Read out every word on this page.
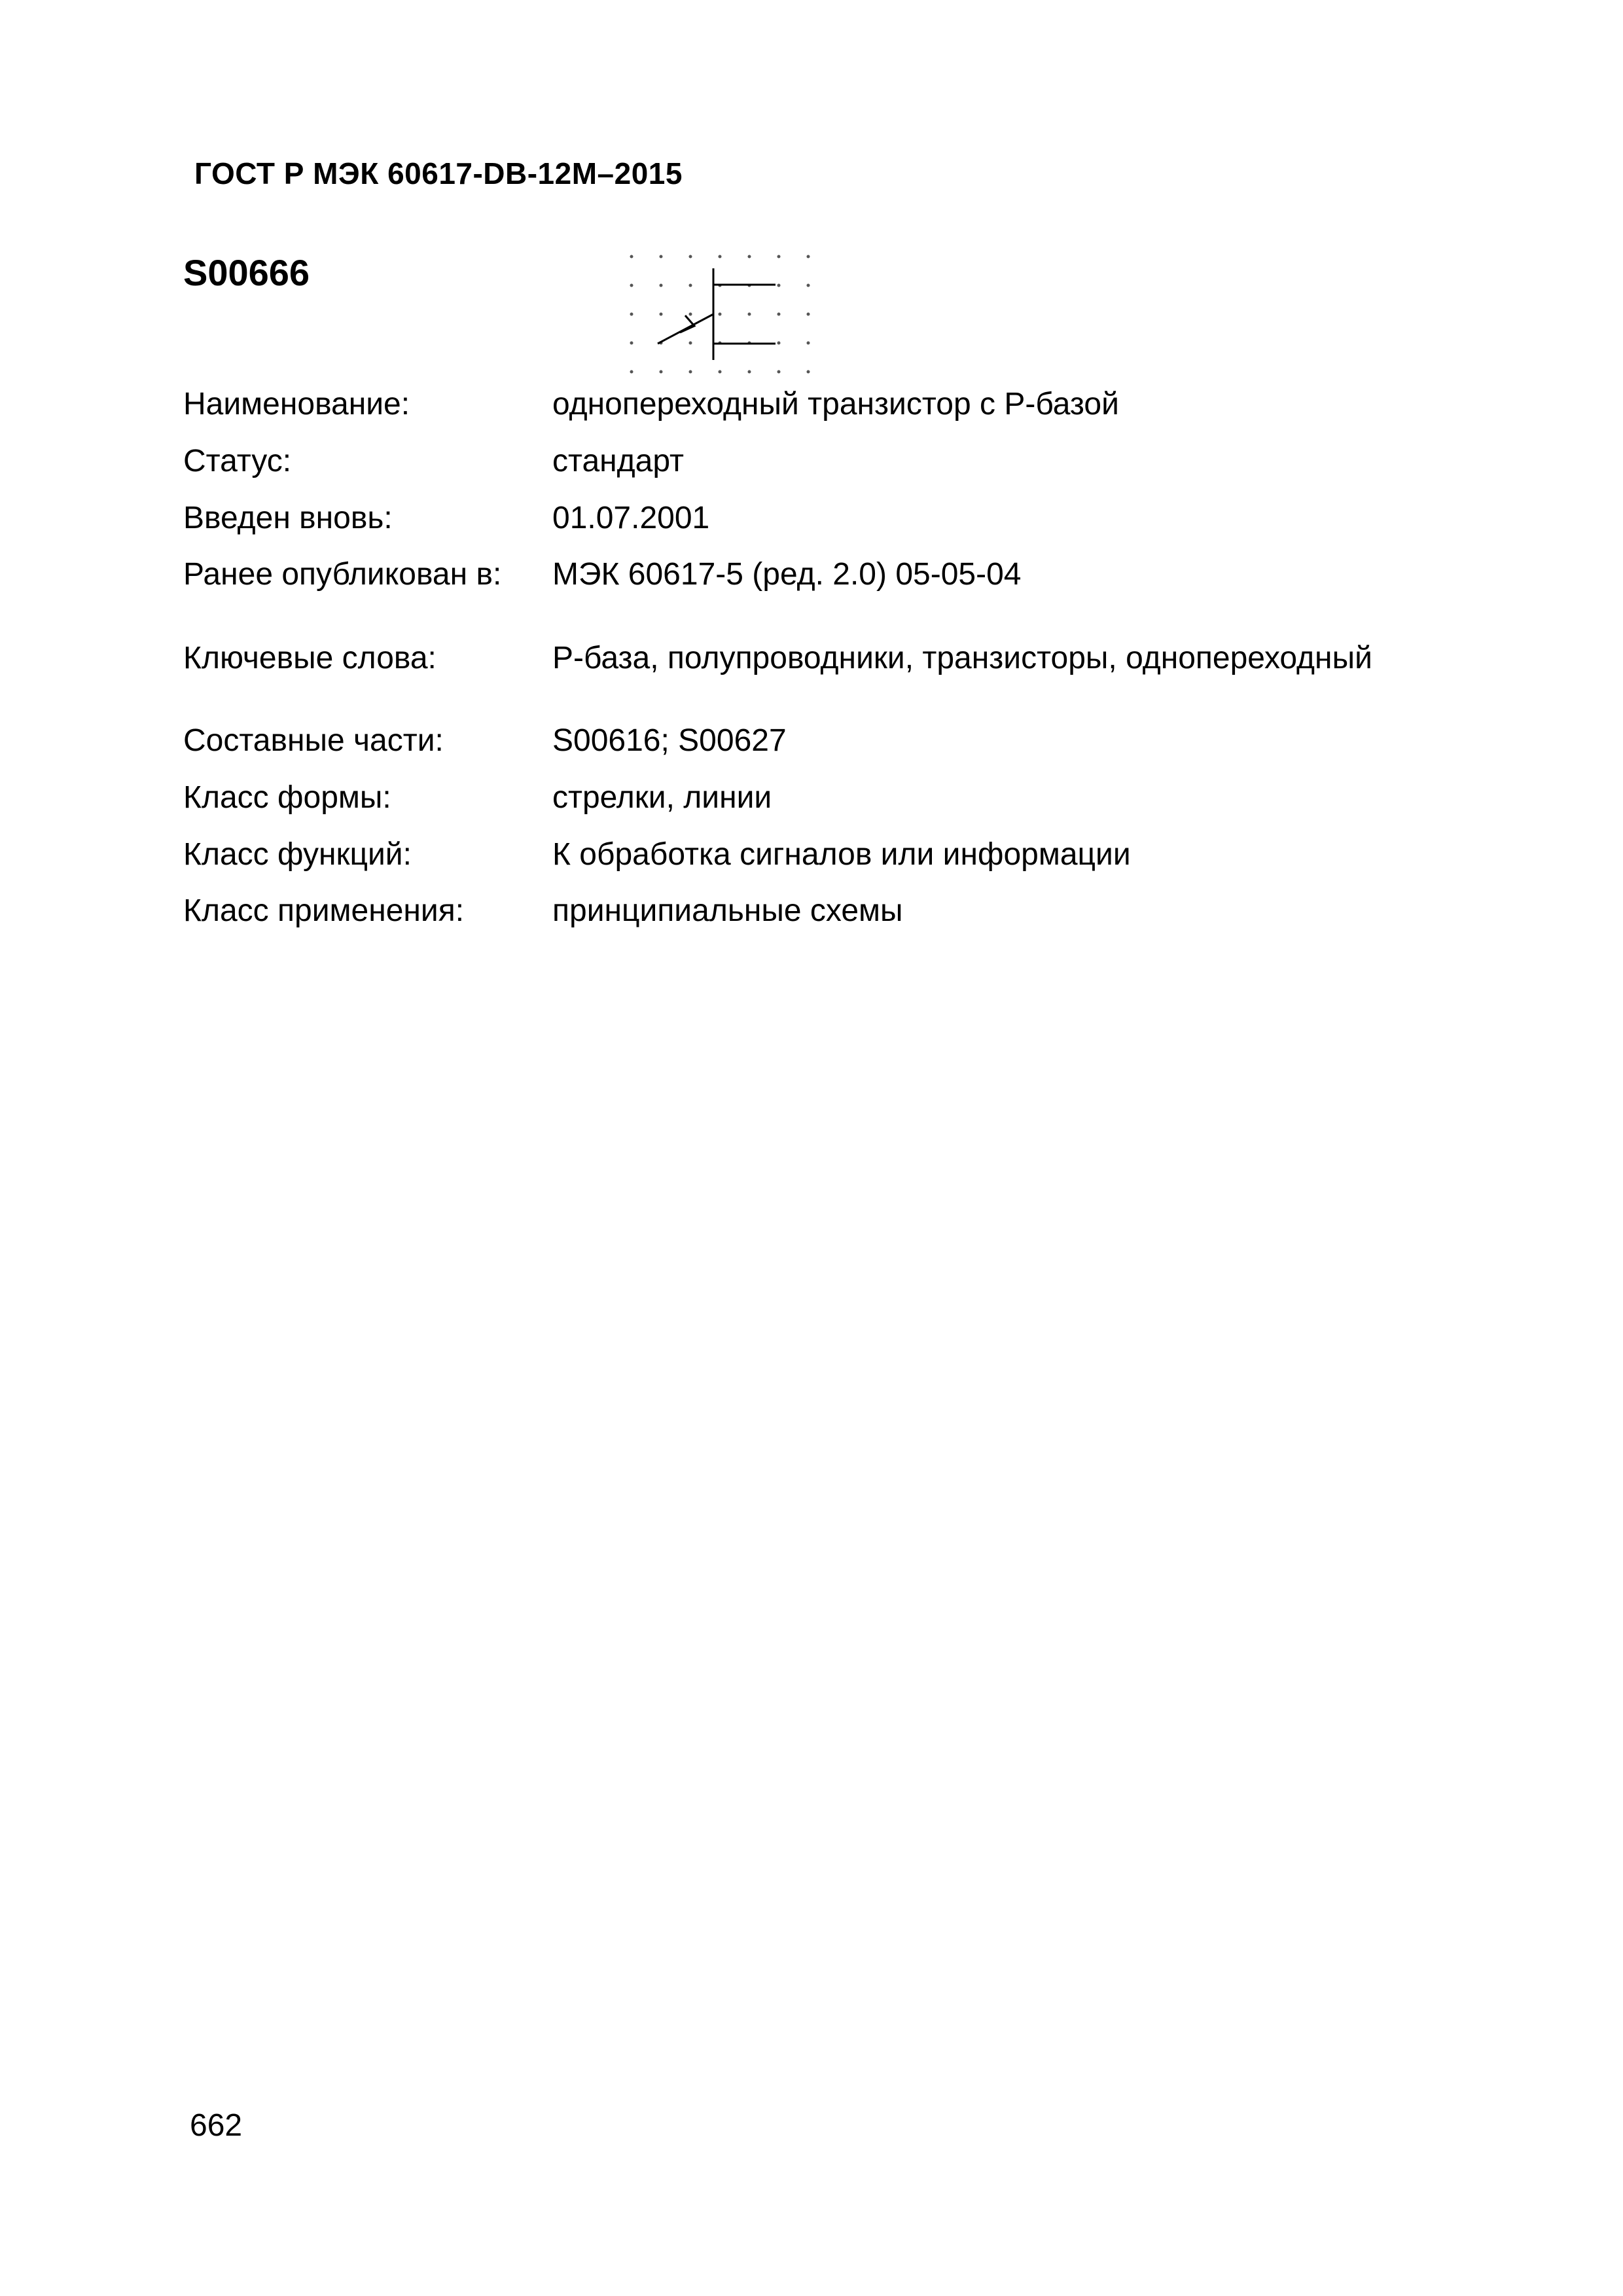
ГОСТ Р МЭК 60617-DB-12M–2015
S00666
Наименование:	однопереходный транзистор с Р-базой
Статус:	стандарт
Введен вновь:	01.07.2001
Ранее опубликован в: МЭК 60617-5 (ред. 2.0) 05-05-04
Ключевые слова:	Р-база, полупроводники, транзисторы, однопереходный
Составные части:	S00616; S00627
Класс формы:	стрелки, линии
Класс функций:	К обработка сигналов или информации
Класс применения:	принципиальные схемы
662
